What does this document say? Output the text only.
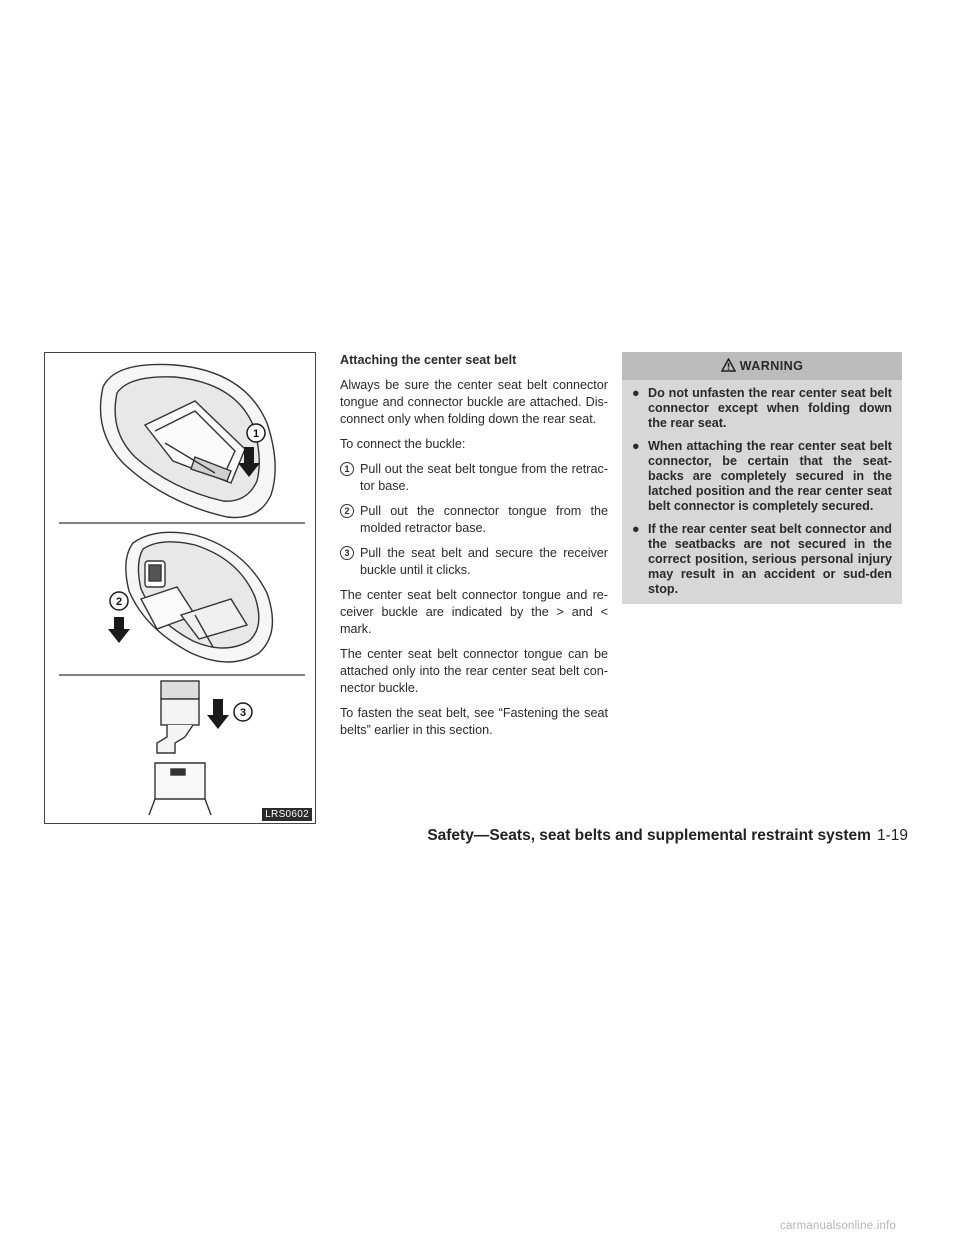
1
2
3
LRS0602
Attaching the center seat belt

Always be sure the center seat belt connector tongue and connector buckle are attached. Dis-connect only when folding down the rear seat.

To connect the buckle:

1 Pull out the seat belt tongue from the retrac-tor base.
2 Pull out the connector tongue from the molded retractor base.
3 Pull the seat belt and secure the receiver buckle until it clicks.

The center seat belt connector tongue and re-ceiver buckle are indicated by the > and < mark.

The center seat belt connector tongue can be attached only into the rear center seat belt con-nector buckle.

To fasten the seat belt, see “Fastening the seat belts” earlier in this section.

WARNING
● Do not unfasten the rear center seat belt connector except when folding down the rear seat.
● When attaching the rear center seat belt connector, be certain that the seat-backs are completely secured in the latched position and the rear center seat belt connector is completely secured.
● If the rear center seat belt connector and the seatbacks are not secured in the correct position, serious personal injury may result in an accident or sud-den stop.
Safety—Seats, seat belts and supplemental restraint system 1-19
carmanualsonline.info
